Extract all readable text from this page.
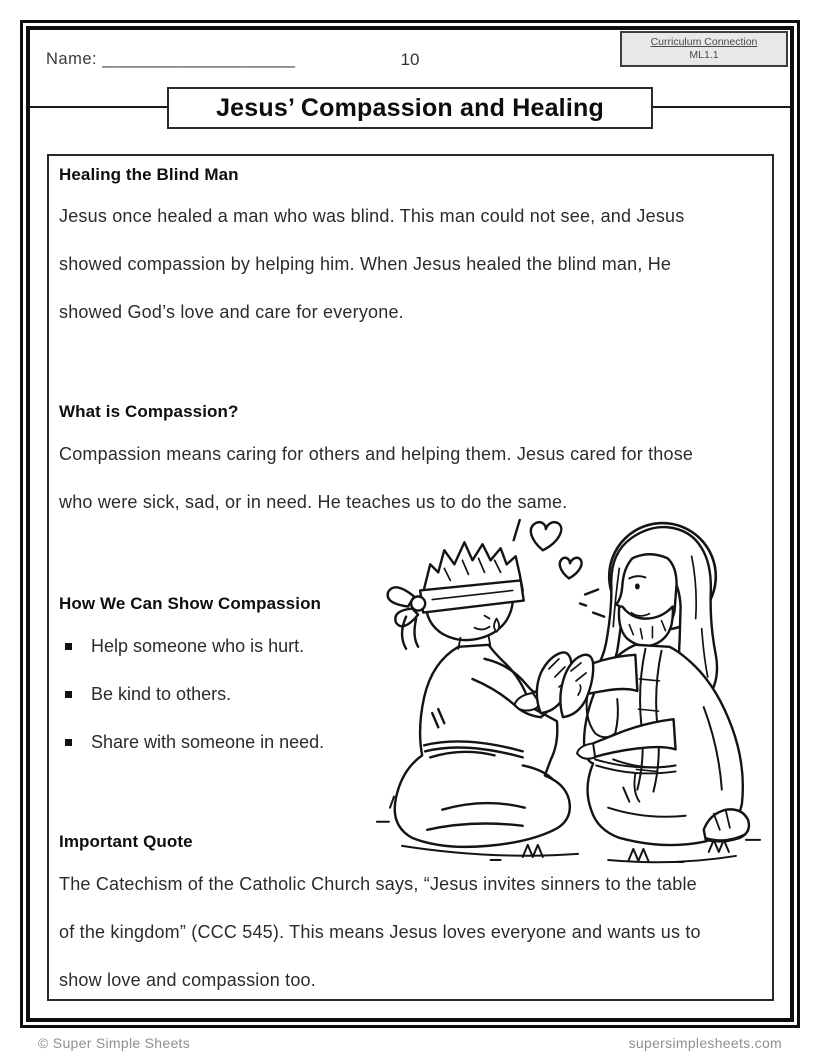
Name: _____________________	10
Curriculum Connection
ML1.1
Jesus’ Compassion and Healing
Healing the Blind Man
Jesus once healed a man who was blind. This man could not see, and Jesus
showed compassion by helping him. When Jesus healed the blind man, He
showed God’s love and care for everyone.
What is Compassion?
Compassion means caring for others and helping them. Jesus cared for those
who were sick, sad, or in need. He teaches us to do the same.
How We Can Show Compassion
Help someone who is hurt.
Be kind to others.
Share with someone in need.
Important Quote
The Catechism of the Catholic Church says, “Jesus invites sinners to the table
of the kingdom” (CCC 545). This means Jesus loves everyone and wants us to
show love and compassion too.
© Super Simple Sheets	supersimplesheets.com
